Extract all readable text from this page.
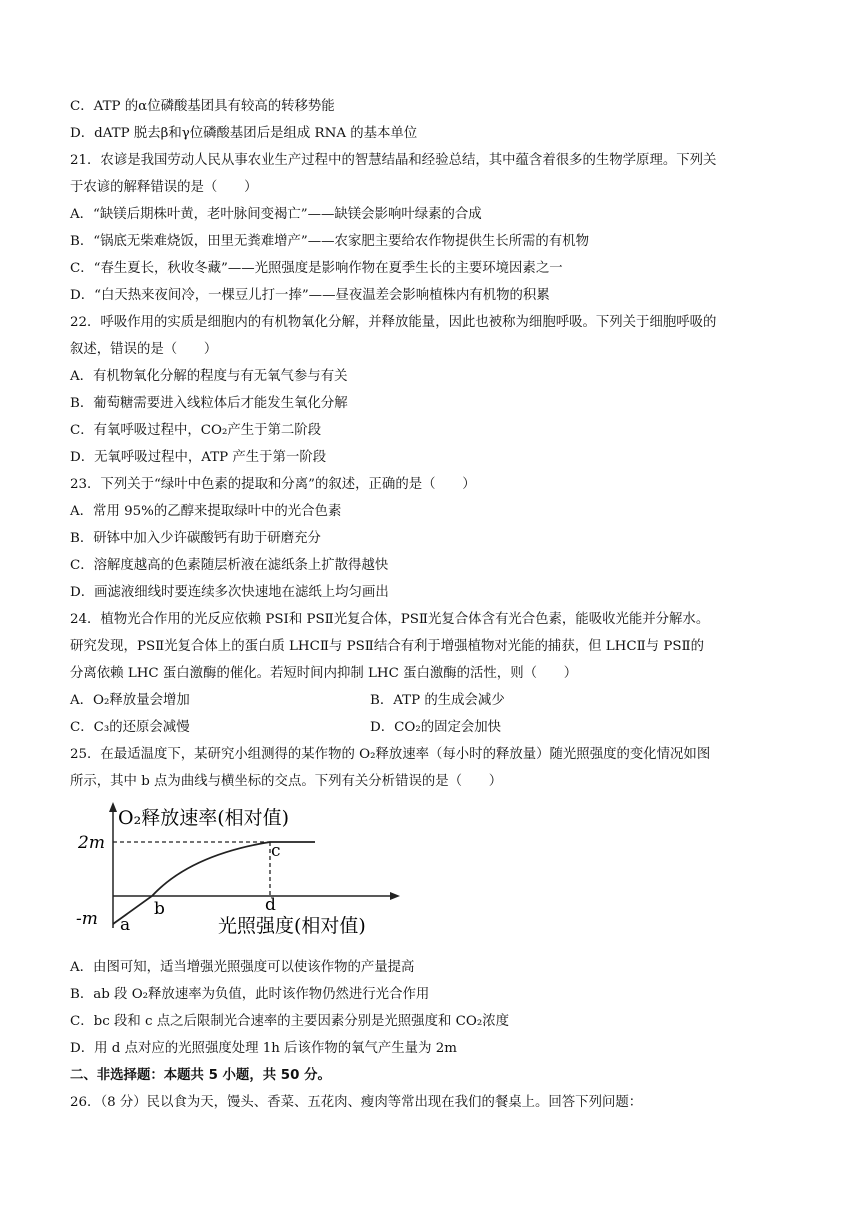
C．ATP 的α位磷酸基团具有较高的转移势能
D．dATP 脱去β和γ位磷酸基团后是组成 RNA 的基本单位
21．农谚是我国劳动人民从事农业生产过程中的智慧结晶和经验总结，其中蕴含着很多的生物学原理。下列关
于农谚的解释错误的是（　　）
A．“缺镁后期株叶黄，老叶脉间变褐亡”——缺镁会影响叶绿素的合成
B．“锅底无柴难烧饭，田里无粪难增产”——农家肥主要给农作物提供生长所需的有机物
C．“春生夏长，秋收冬藏”——光照强度是影响作物在夏季生长的主要环境因素之一
D．“白天热来夜间冷，一棵豆儿打一捧”——昼夜温差会影响植株内有机物的积累
22．呼吸作用的实质是细胞内的有机物氧化分解，并释放能量，因此也被称为细胞呼吸。下列关于细胞呼吸的
叙述，错误的是（　　）
A．有机物氧化分解的程度与有无氧气参与有关
B．葡萄糖需要进入线粒体后才能发生氧化分解
C．有氧呼吸过程中，CO₂产生于第二阶段
D．无氧呼吸过程中，ATP 产生于第一阶段
23．下列关于“绿叶中色素的提取和分离”的叙述，正确的是（　　）
A．常用 95%的乙醇来提取绿叶中的光合色素
B．研钵中加入少许碳酸钙有助于研磨充分
C．溶解度越高的色素随层析液在滤纸条上扩散得越快
D．画滤液细线时要连续多次快速地在滤纸上均匀画出
24．植物光合作用的光反应依赖 PSⅠ和 PSⅡ光复合体，PSⅡ光复合体含有光合色素，能吸收光能并分解水。
研究发现，PSⅡ光复合体上的蛋白质 LHCⅡ与 PSⅡ结合有利于增强植物对光能的捕获，但 LHCⅡ与 PSⅡ的
分离依赖 LHC 蛋白激酶的催化。若短时间内抑制 LHC 蛋白激酶的活性，则（　　）
A．O₂释放量会增加	B．ATP 的生成会减少
C．C₃的还原会减慢	D．CO₂的固定会加快
25．在最适温度下，某研究小组测得的某作物的 O₂释放速率（每小时的释放量）随光照强度的变化情况如图
所示，其中 b 点为曲线与横坐标的交点。下列有关分析错误的是（　　）
O₂释放速率(相对值)
光照强度(相对值)
2m
-m a
b
c
d
A．由图可知，适当增强光照强度可以使该作物的产量提高
B．ab 段 O₂释放速率为负值，此时该作物仍然进行光合作用
C．bc 段和 c 点之后限制光合速率的主要因素分别是光照强度和 CO₂浓度
D．用 d 点对应的光照强度处理 1h 后该作物的氧气产生量为 2m
二、非选择题：本题共 5 小题，共 50 分。
26．（8 分）民以食为天，馒头、香菜、五花肉、瘦肉等常出现在我们的餐桌上。回答下列问题：
